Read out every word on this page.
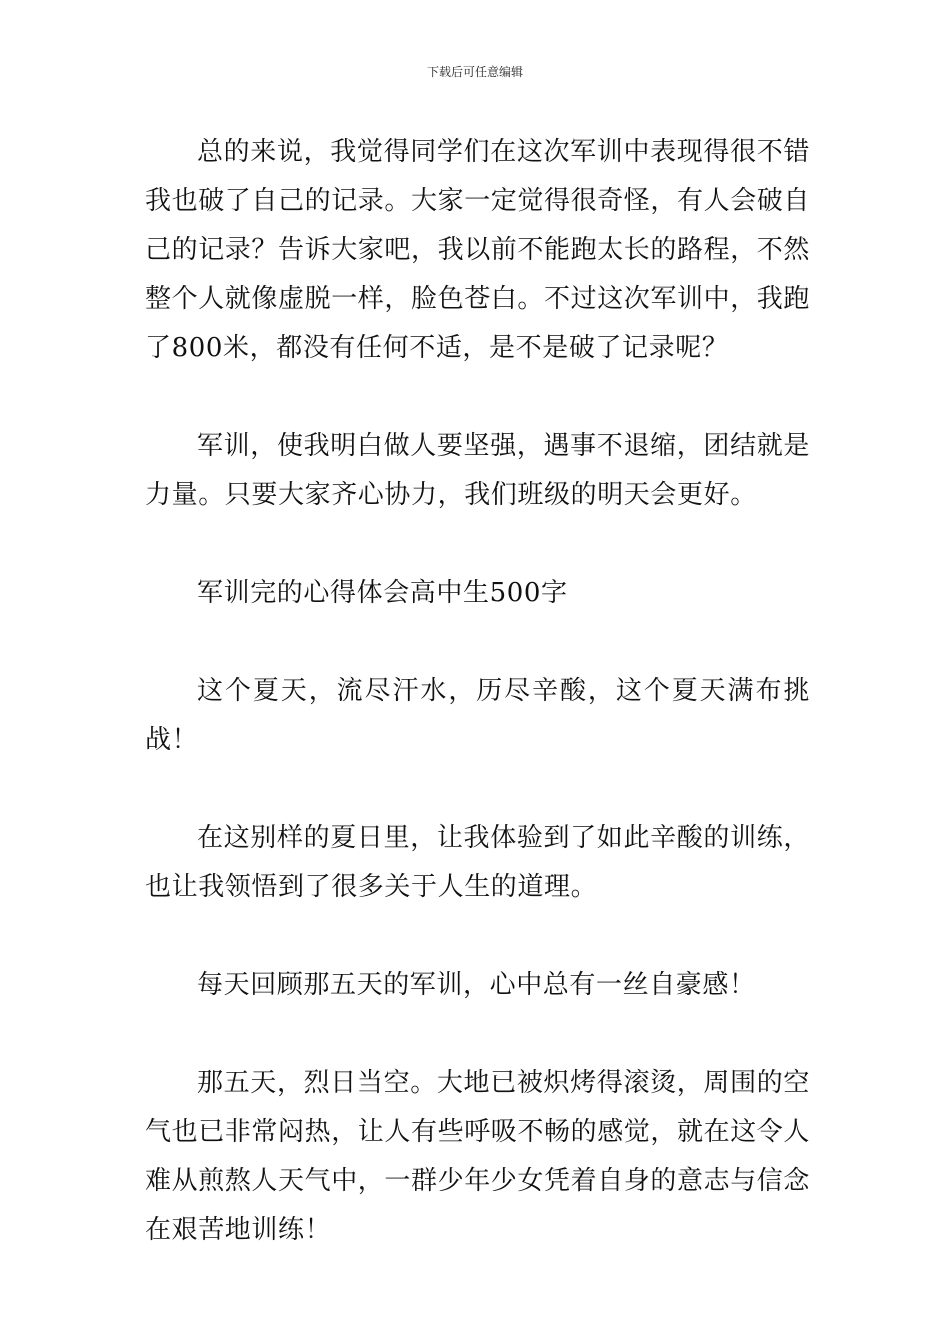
下载后可任意编辑

总的来说，我觉得同学们在这次军训中表现得很不错我也破了自己的记录。大家一定觉得很奇怪，有人会破自己的记录？告诉大家吧，我以前不能跑太长的路程，不然整个人就像虚脱一样，脸色苍白。不过这次军训中，我跑了800米，都没有任何不适，是不是破了记录呢？

军训，使我明白做人要坚强，遇事不退缩，团结就是力量。只要大家齐心协力，我们班级的明天会更好。

军训完的心得体会高中生500字

这个夏天，流尽汗水，历尽辛酸，这个夏天满布挑战！

在这别样的夏日里，让我体验到了如此辛酸的训练，也让我领悟到了很多关于人生的道理。

每天回顾那五天的军训，心中总有一丝自豪感！

那五天，烈日当空。大地已被炽烤得滚烫，周围的空气也已非常闷热，让人有些呼吸不畅的感觉，就在这令人难从煎熬人天气中，一群少年少女凭着自身的意志与信念在艰苦地训练！
